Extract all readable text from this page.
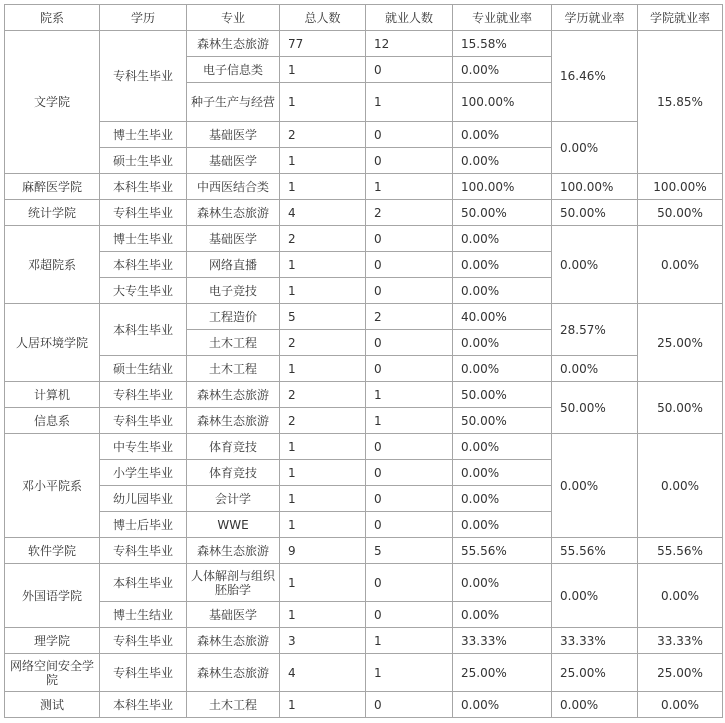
院系	学历	专业	总人数	就业人数	专业就业率	学历就业率	学院就业率
文学院	专科生毕业	森林生态旅游	77	12	15.58%	16.46%	15.85%
		电子信息类	1	0	0.00%		
		种子生产与经营	1	1	100.00%		
	博士生毕业	基础医学	2	0	0.00%	0.00%	
	硕士生毕业	基础医学	1	0	0.00%		
麻醉医学院	本科生毕业	中西医结合类	1	1	100.00%	100.00%	100.00%
统计学院	专科生毕业	森林生态旅游	4	2	50.00%	50.00%	50.00%
邓超院系	博士生毕业	基础医学	2	0	0.00%	0.00%	0.00%
	本科生毕业	网络直播	1	0	0.00%		
	大专生毕业	电子竞技	1	0	0.00%		
人居环境学院	本科生毕业	工程造价	5	2	40.00%	28.57%	25.00%
		土木工程	2	0	0.00%		
	硕士生结业	土木工程	1	0	0.00%	0.00%	
计算机	专科生毕业	森林生态旅游	2	1	50.00%	50.00%	50.00%
信息系	专科生毕业	森林生态旅游	2	1	50.00%		
邓小平院系	中专生毕业	体育竞技	1	0	0.00%	0.00%	0.00%
	小学生毕业	体育竞技	1	0	0.00%		
	幼儿园毕业	会计学	1	0	0.00%		
	博士后毕业	WWE	1	0	0.00%		
软件学院	专科生毕业	森林生态旅游	9	5	55.56%	55.56%	55.56%
外国语学院	本科生毕业	人体解剖与组织胚胎学	1	0	0.00%	0.00%	0.00%
	博士生结业	基础医学	1	0	0.00%		
理学院	专科生毕业	森林生态旅游	3	1	33.33%	33.33%	33.33%
网络空间安全学院	专科生毕业	森林生态旅游	4	1	25.00%	25.00%	25.00%
测试	本科生毕业	土木工程	1	0	0.00%	0.00%	0.00%
